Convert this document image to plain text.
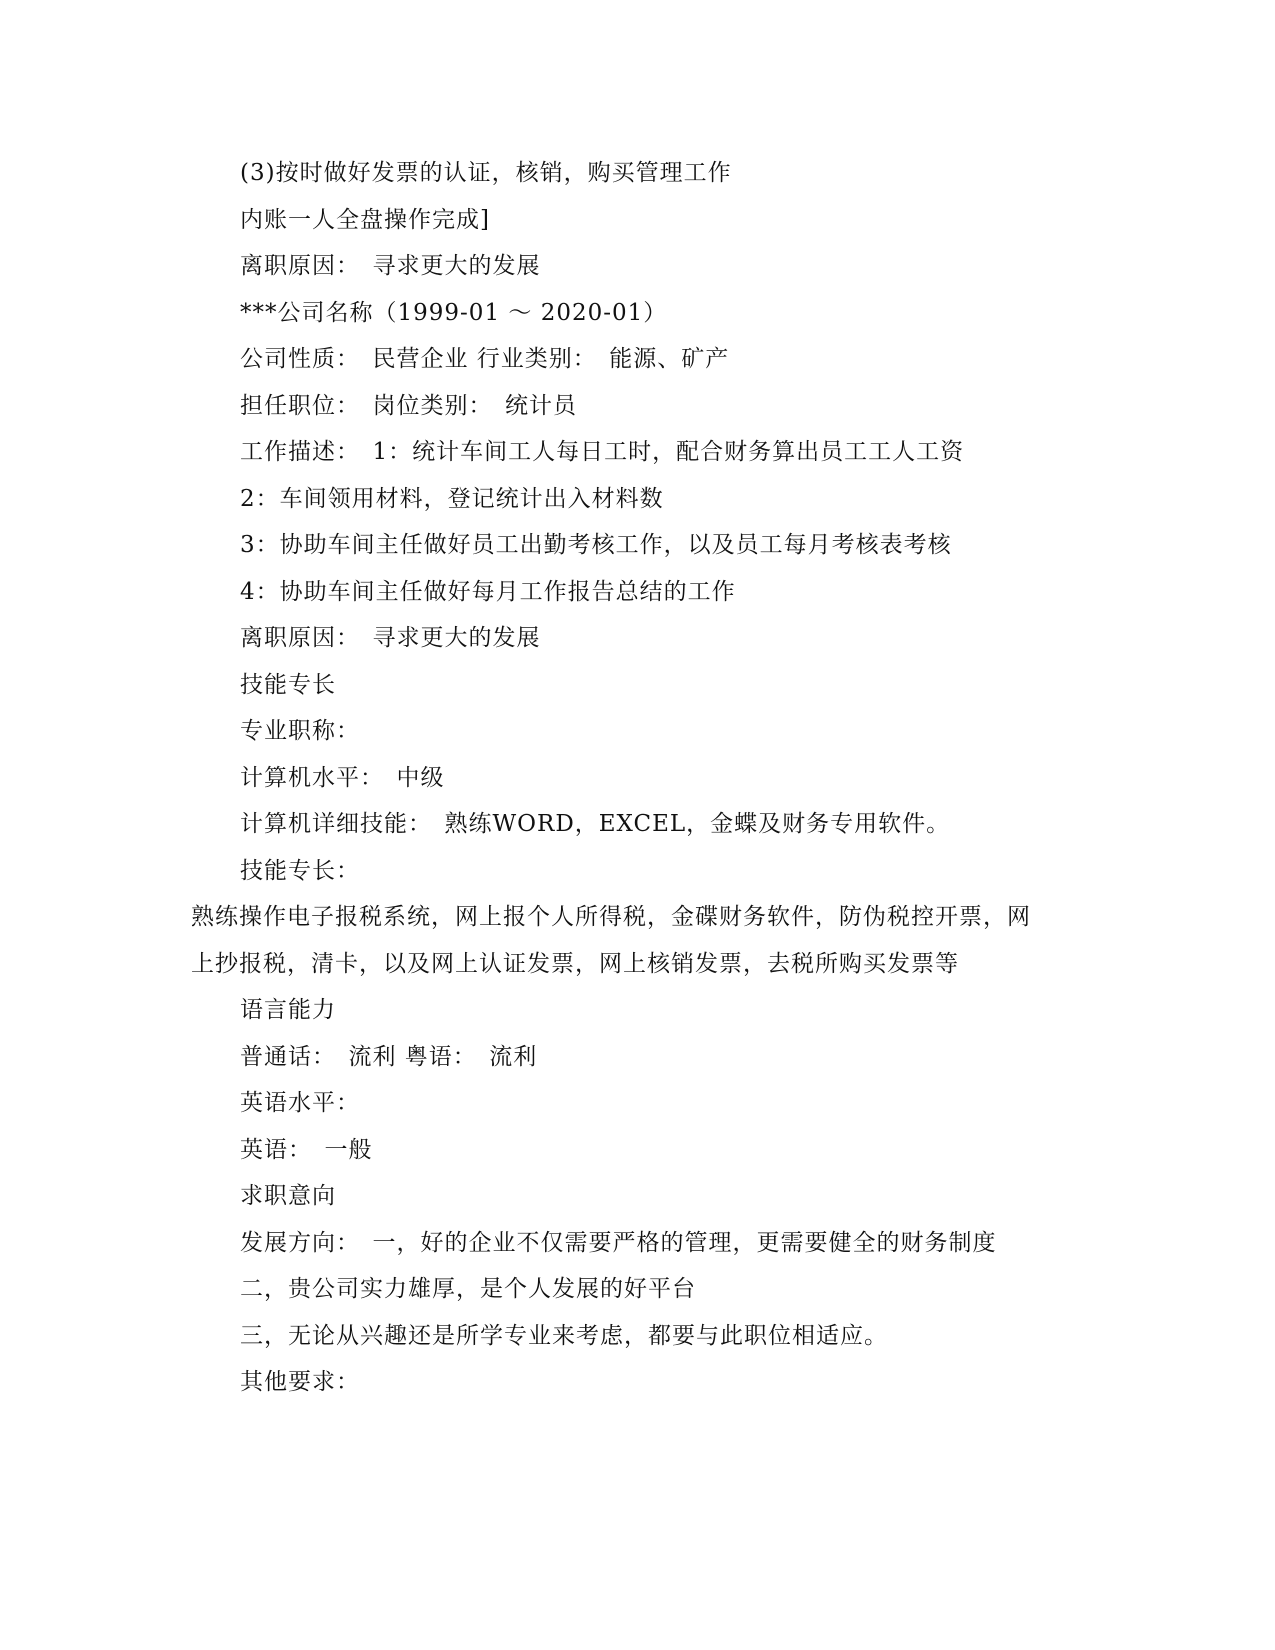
(3)按时做好发票的认证，核销，购买管理工作
内账一人全盘操作完成]
离职原因：　寻求更大的发展
***公司名称（1999-01 ～ 2020-01）
公司性质：　民营企业 行业类别：　能源、矿产
担任职位：　岗位类别：　统计员
工作描述：　1：统计车间工人每日工时，配合财务算出员工工人工资
2：车间领用材料，登记统计出入材料数
3：协助车间主任做好员工出勤考核工作，以及员工每月考核表考核
4：协助车间主任做好每月工作报告总结的工作
离职原因：　寻求更大的发展
技能专长
专业职称：
计算机水平：　中级
计算机详细技能：　熟练WORD，EXCEL，金蝶及财务专用软件。
技能专长：
熟练操作电子报税系统，网上报个人所得税，金碟财务软件，防伪税控开票，网
上抄报税，清卡，以及网上认证发票，网上核销发票，去税所购买发票等
语言能力
普通话：　流利 粤语：　流利
英语水平：
英语：　一般
求职意向
发展方向：　一，好的企业不仅需要严格的管理，更需要健全的财务制度
二，贵公司实力雄厚，是个人发展的好平台
三，无论从兴趣还是所学专业来考虑，都要与此职位相适应。
其他要求：
